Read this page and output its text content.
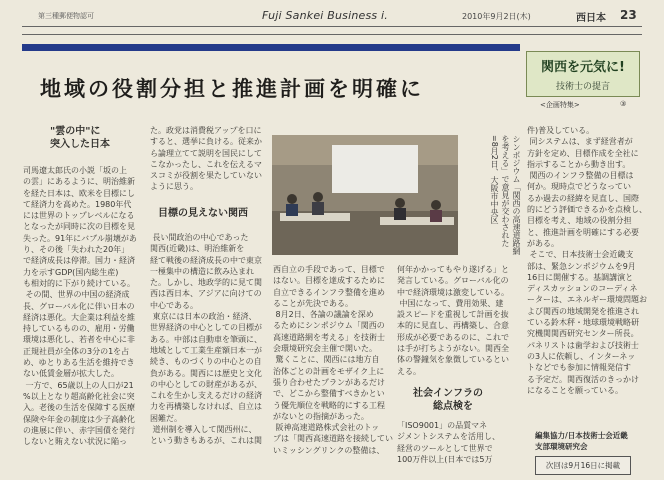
第三種郵便物認可	Fuji Sankei Business i.	2010年9月2日(木)	西日本 23
地域の役割分担と推進計画を明確に
関西を元気に!
技術士の提言
<企画特集>	③
"雲の中"に
突入した日本
司馬遼太郎氏の小説「坂の上
の雲」にあるように、明治維新
を経た日本は、欧米を目標にし
て経済力を高めた。1980年代
には世界のトップレベルになる
となったが同時に次の目標を見
失った。91年にバブル崩壊があ
り、その後「失われた20年」
で経済成長は停滞。国力・経済
力を示すGDP(国内総生産)
も相対的に下がり続けている。
その間、世界の中国の経済成
長、グローバル化に伴い日本の
経済は悪化。大企業は利益を維
持しているものの、雇用・労働
環境は悪化し、若者を中心に非
正規社員が全体の3分の1を占
め、ゆとりある生活を維持でき
ない低賃金層が拡大した。
一方で、65歳以上の人口が21
%以上となり超高齢化社会に突
入。老後の生活を保障する医療
保険や年金の制度は少子高齢化
の進展に伴い、赤字国債を発行
しないと賄えない状況に陥っ
た。政党は消費税アップを口に
すると、選挙に負ける。従来か
ら論理立てて説明を国民にして
こなかったし、これを伝えるマ
スコミが役割を果たしていない
ように思う。
目標の見えない関西
長い間政治の中心であった
関西(近畿)は、明治維新を
経て戦後の経済成長の中で東京
一極集中の構造に飲み込まれ
た。しかし、地政学的に見て関
西は西日本、アジアに向けての
中心である。
東京には日本の政治・経済、
世界経済の中心としての目標が
ある。中部は自動車を筆頭に、
地域として工業生産額日本一が
続き、ものづくりの中心との自
負がある。関西には歴史と文化
の中心としての財産があるが、
これを生かし支えるだけの経済
力を再構築しなければ、自立は
困難だ。
道州制を導入して関西州に、
という動きもあるが、これは関
シンポジウム「関西の高速道路網を考える」で意見が交わされた=8月2日、大阪市中央区
西自立の手段であって、目標で
はない。目標を達成するために
自立できるインフラ整備を進め
ることが先決である。
8月2日、各論の議論を深め
るためにシンポジウム「関西の
高速道路網を考える」を技術士
会環境研究会主催で開いた。
驚くことに、関西には地方自
治体ごとの計画をモザイク上に
張り合わせたプランがあるだけ
で、どこから整備すべきかとい
う優先順位を戦略的にする工程
がないとの指摘があった。
阪神高速道路株式会社のトッ
プは「関西高速道路を接続してい
いミッシングリンクの整備は、
何年かかってもやり遂げる」と
発言している。グローバル化の
中で経済環境は激変している。
中国になって、費用効果、建
設スピードを重視して計画を抜
本的に見直し、再構築し、合意
形成が必要であるのに、これで
は手が打ちようがない。関西全
体の警鐘気を象徴しているとい
える。
社会インフラの
　　総点検を
「ISO9001」の品質マネ
ジメントシステムを活用し、
経営のツールとして世界で
100万件以上(日本では5万
件)普及している。
同システムは、まず経営者が
方針を定め、目標作成を全社に
指示することから動き出す。
関西のインフラ整備の目標は
何か。現時点でどうなってい
るか過去の経緯を見直し、国際
的にどう評価できるかを点検し、
目標を考え、地域の役割分担
と、推進計画を明確にする必要
がある。
そこで、日本技術士会近畿支
部は、緊急シンポジウムを9月
16日に開催する。基調講演と
ディスカッションのコーディネ
ーターは、エネルギー環境問題お
よび関西の地域開発を推進され
ている鈴木秤・地球環境戦略研
究機関関西研究センター所長。
パネリストは歯学および技術士
の3人に依頼し、インターネッ
トなどでも参加に情報発信す
る予定だ。関西復活のきっかけ
になることを願っている。
編集協力/日本技術士会近畿
支部環境研究会
次回は9月16日に掲載
